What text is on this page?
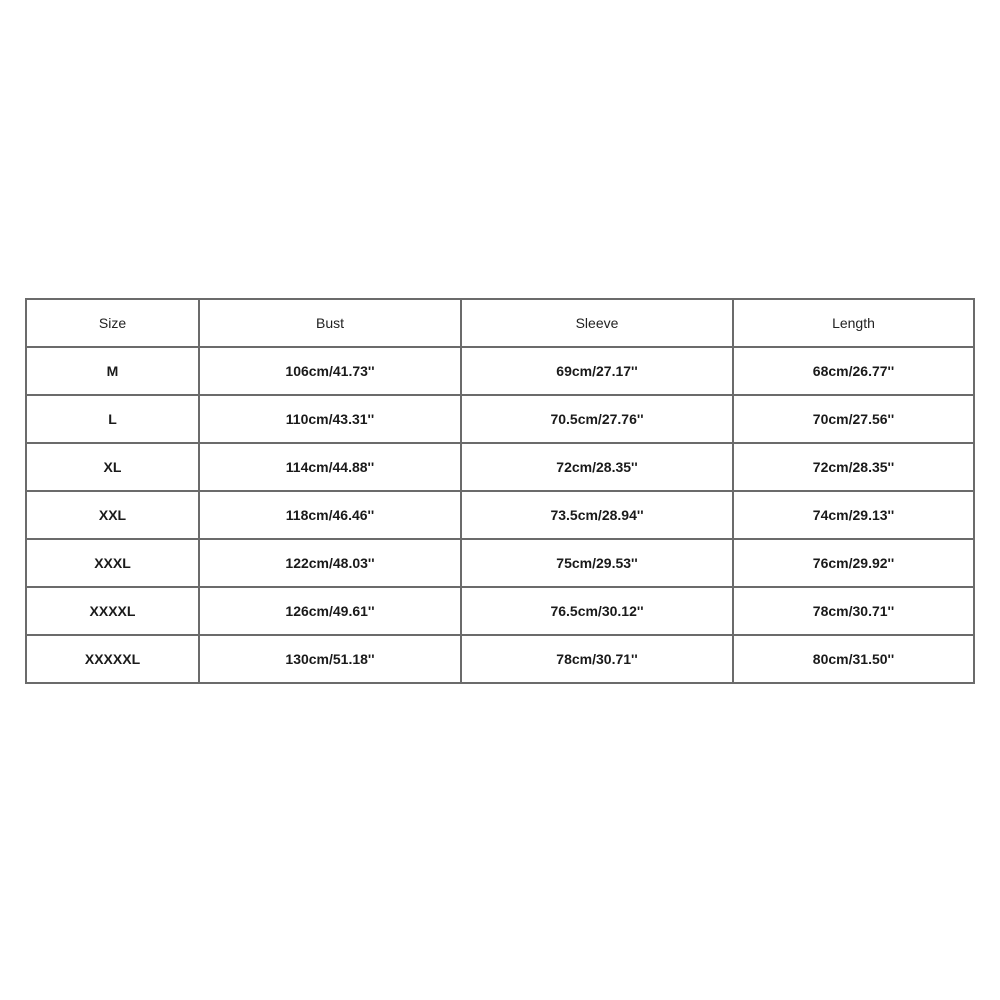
Size	Bust	Sleeve	Length
M	106cm/41.73''	69cm/27.17''	68cm/26.77''
L	110cm/43.31''	70.5cm/27.76''	70cm/27.56''
XL	114cm/44.88''	72cm/28.35''	72cm/28.35''
XXL	118cm/46.46''	73.5cm/28.94''	74cm/29.13''
XXXL	122cm/48.03''	75cm/29.53''	76cm/29.92''
XXXXL	126cm/49.61''	76.5cm/30.12''	78cm/30.71''
XXXXXL	130cm/51.18''	78cm/30.71''	80cm/31.50''
